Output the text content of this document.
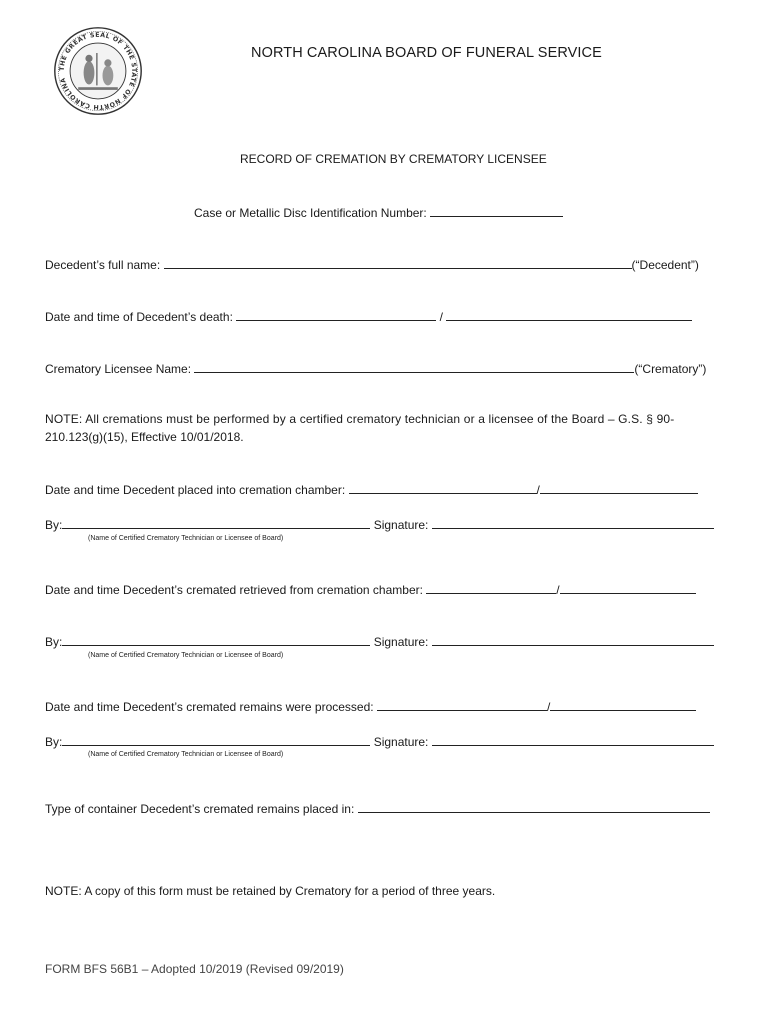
THE GREAT SEAL OF THE STATE OF NORTH CAROLINA
NORTH CAROLINA BOARD OF FUNERAL SERVICE
RECORD OF CREMATION BY CREMATORY LICENSEE
Case or Metallic Disc Identification Number:
Decedent’s full name:	(“Decedent”)
Date and time of Decedent’s death:	/
Crematory Licensee Name:	(“Crematory”)
NOTE: All cremations must be performed by a certified crematory technician or a licensee of the Board – G.S. § 90-
210.123(g)(15), Effective 10/01/2018.
Date and time Decedent placed into cremation chamber:	/
By:	Signature:
(Name of Certified Crematory Technician or Licensee of Board)
Date and time Decedent’s cremated retrieved from cremation chamber:	/
By:	Signature:
(Name of Certified Crematory Technician or Licensee of Board)
Date and time Decedent’s cremated remains were processed:	/
By:	Signature:
(Name of Certified Crematory Technician or Licensee of Board)
Type of container Decedent’s cremated remains placed in:
NOTE: A copy of this form must be retained by Crematory for a period of three years.
FORM BFS 56B1 – Adopted 10/2019 (Revised 09/2019)
